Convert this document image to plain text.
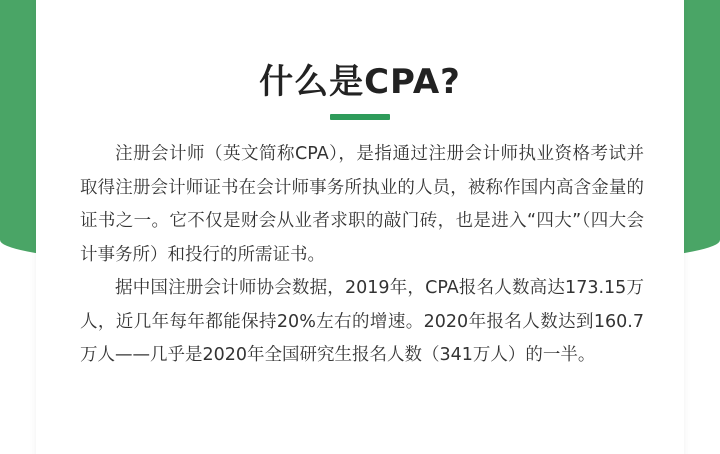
什么是CPA?

注册会计师（英文简称CPA），是指通过注册会计师执业资格考试并取得注册会计师证书在会计师事务所执业的人员，被称作国内高含金量的证书之一。它不仅是财会从业者求职的敲门砖，也是进入“四大”（四大会计事务所）和投行的所需证书。

据中国注册会计师协会数据，2019年，CPA报名人数高达173.15万人，近几年每年都能保持20%左右的增速。2020年报名人数达到160.7万人——几乎是2020年全国研究生报名人数（341万人）的一半。
